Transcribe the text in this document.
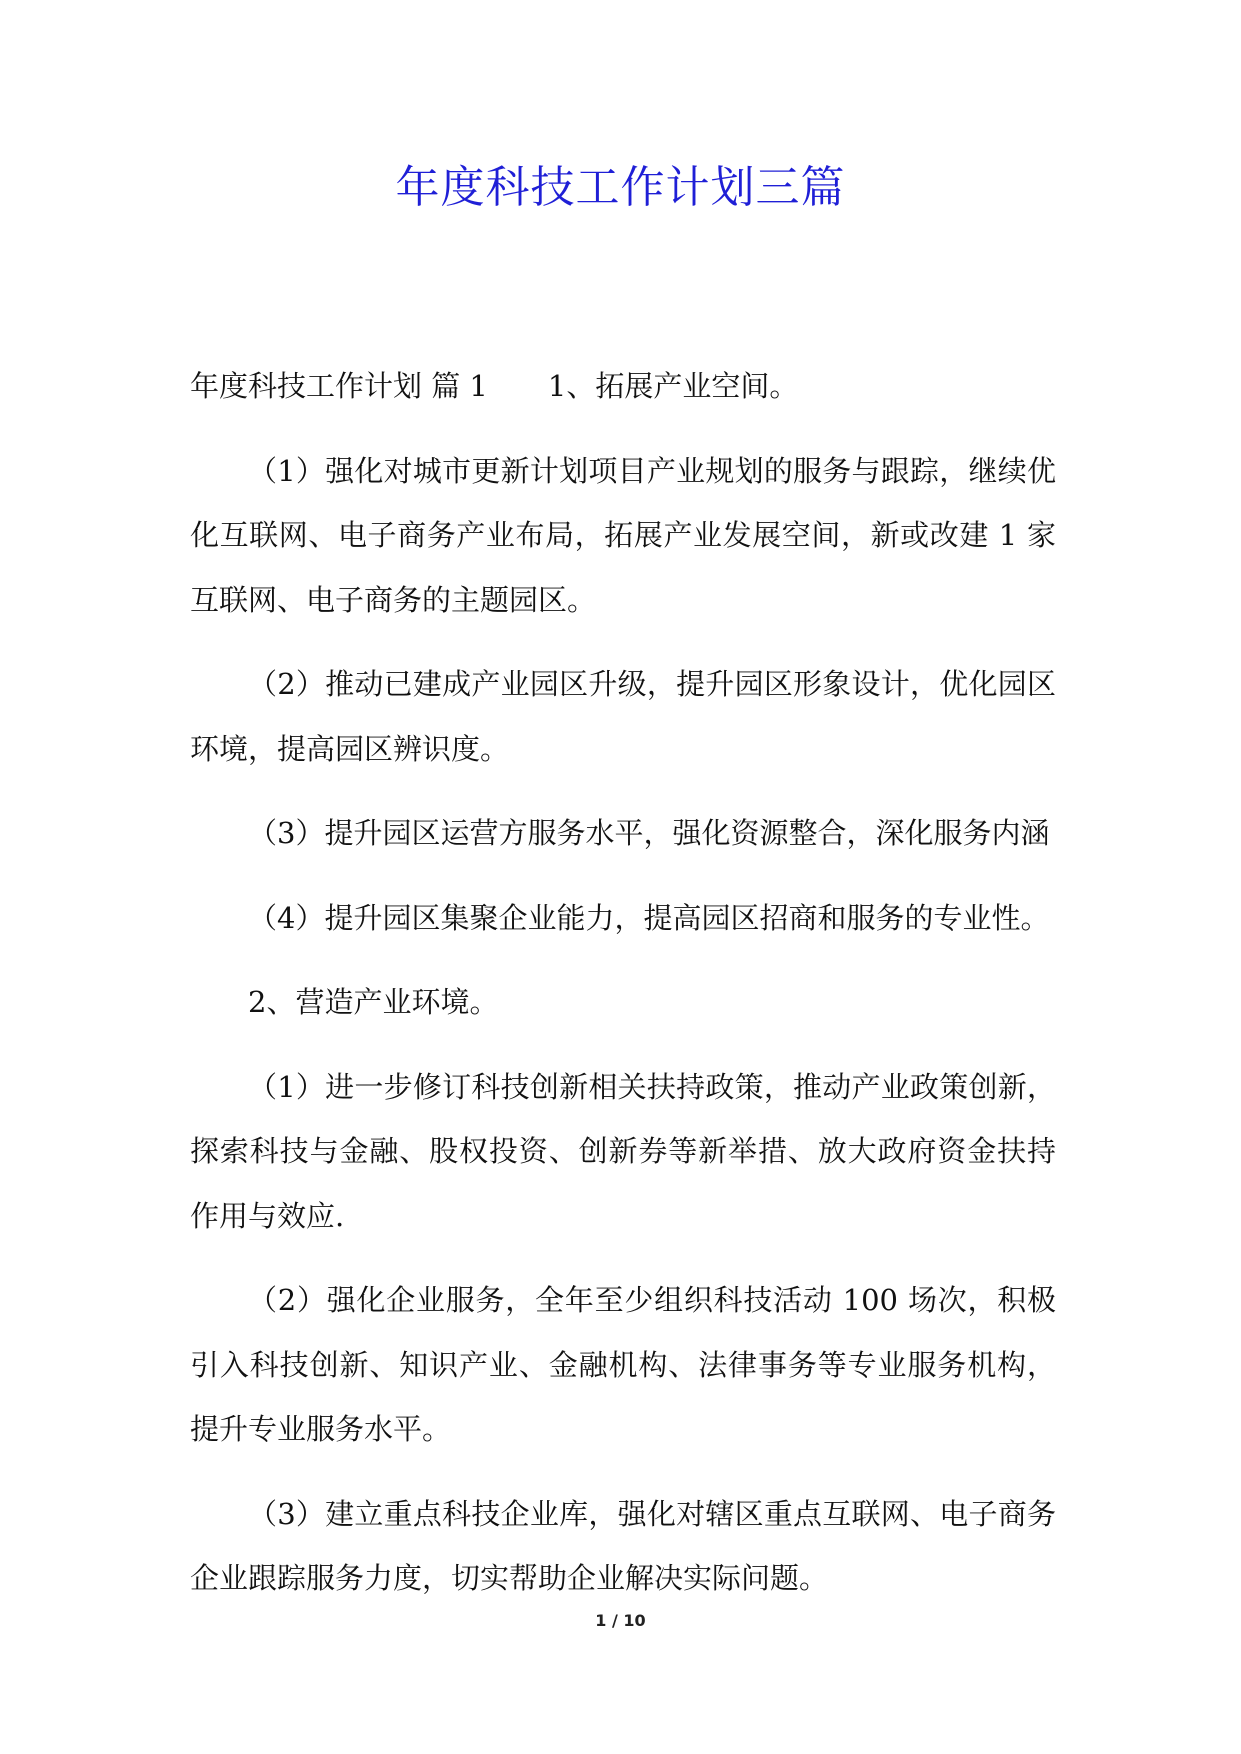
年度科技工作计划三篇

年度科技工作计划 篇 1 1、拓展产业空间。

（1）强化对城市更新计划项目产业规划的服务与跟踪，继续优化互联网、电子商务产业布局，拓展产业发展空间，新或改建 1 家互联网、电子商务的主题园区。

（2）推动已建成产业园区升级，提升园区形象设计，优化园区环境，提高园区辨识度。

（3）提升园区运营方服务水平，强化资源整合，深化服务内涵

（4）提升园区集聚企业能力，提高园区招商和服务的专业性。

2、营造产业环境。

（1）进一步修订科技创新相关扶持政策，推动产业政策创新，探索科技与金融、股权投资、创新券等新举措、放大政府资金扶持作用与效应.

（2）强化企业服务，全年至少组织科技活动 100 场次，积极引入科技创新、知识产业、金融机构、法律事务等专业服务机构，提升专业服务水平。

（3）建立重点科技企业库，强化对辖区重点互联网、电子商务企业跟踪服务力度，切实帮助企业解决实际问题。

1 / 10
